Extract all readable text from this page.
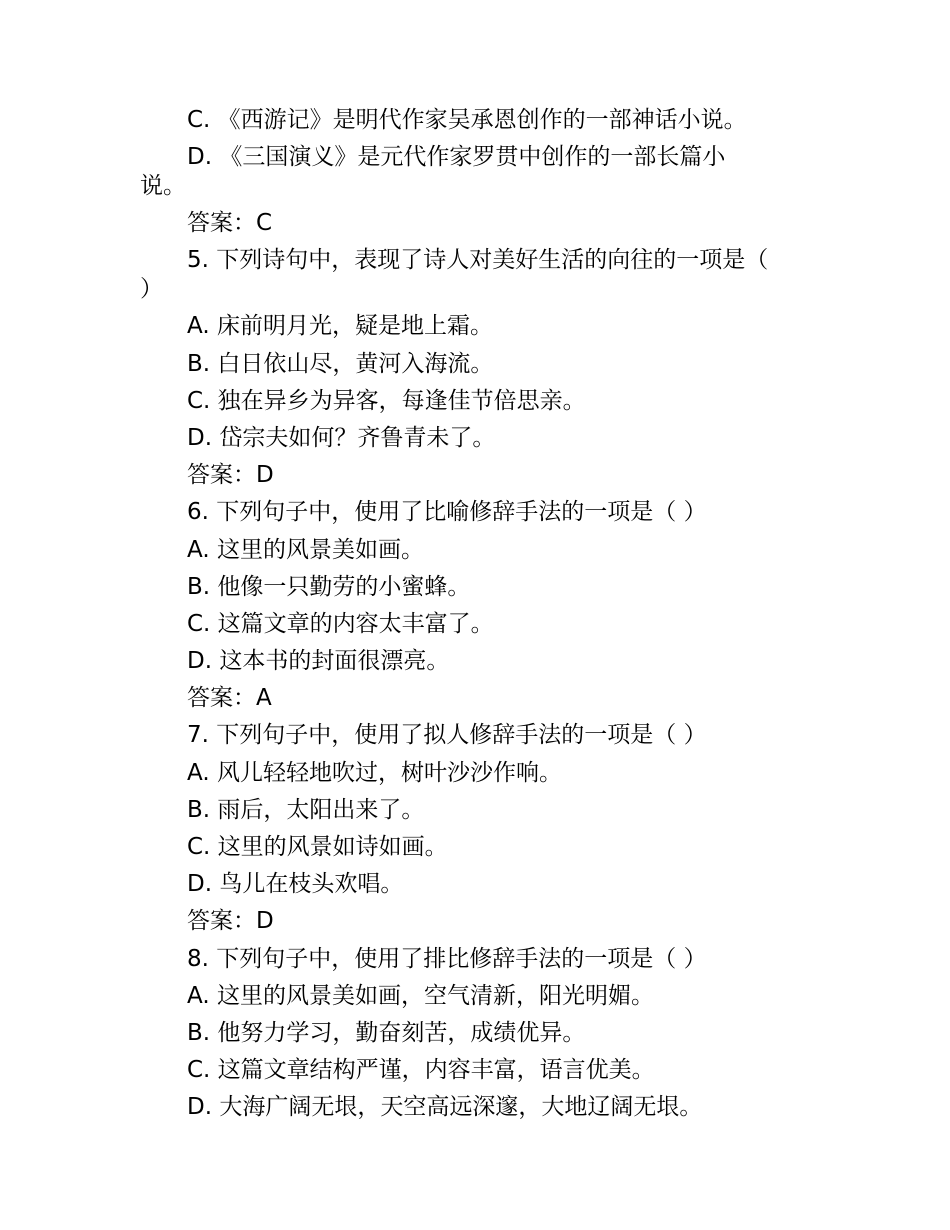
C. 《西游记》是明代作家吴承恩创作的一部神话小说。
D. 《三国演义》是元代作家罗贯中创作的一部长篇小说。
答案：C
5. 下列诗句中，表现了诗人对美好生活的向往的一项是（ ）
A. 床前明月光，疑是地上霜。
B. 白日依山尽，黄河入海流。
C. 独在异乡为异客，每逢佳节倍思亲。
D. 岱宗夫如何？齐鲁青未了。
答案：D
6. 下列句子中，使用了比喻修辞手法的一项是（ ）
A. 这里的风景美如画。
B. 他像一只勤劳的小蜜蜂。
C. 这篇文章的内容太丰富了。
D. 这本书的封面很漂亮。
答案：A
7. 下列句子中，使用了拟人修辞手法的一项是（ ）
A. 风儿轻轻地吹过，树叶沙沙作响。
B. 雨后，太阳出来了。
C. 这里的风景如诗如画。
D. 鸟儿在枝头欢唱。
答案：D
8. 下列句子中，使用了排比修辞手法的一项是（ ）
A. 这里的风景美如画，空气清新，阳光明媚。
B. 他努力学习，勤奋刻苦，成绩优异。
C. 这篇文章结构严谨，内容丰富，语言优美。
D. 大海广阔无垠，天空高远深邃，大地辽阔无垠。
